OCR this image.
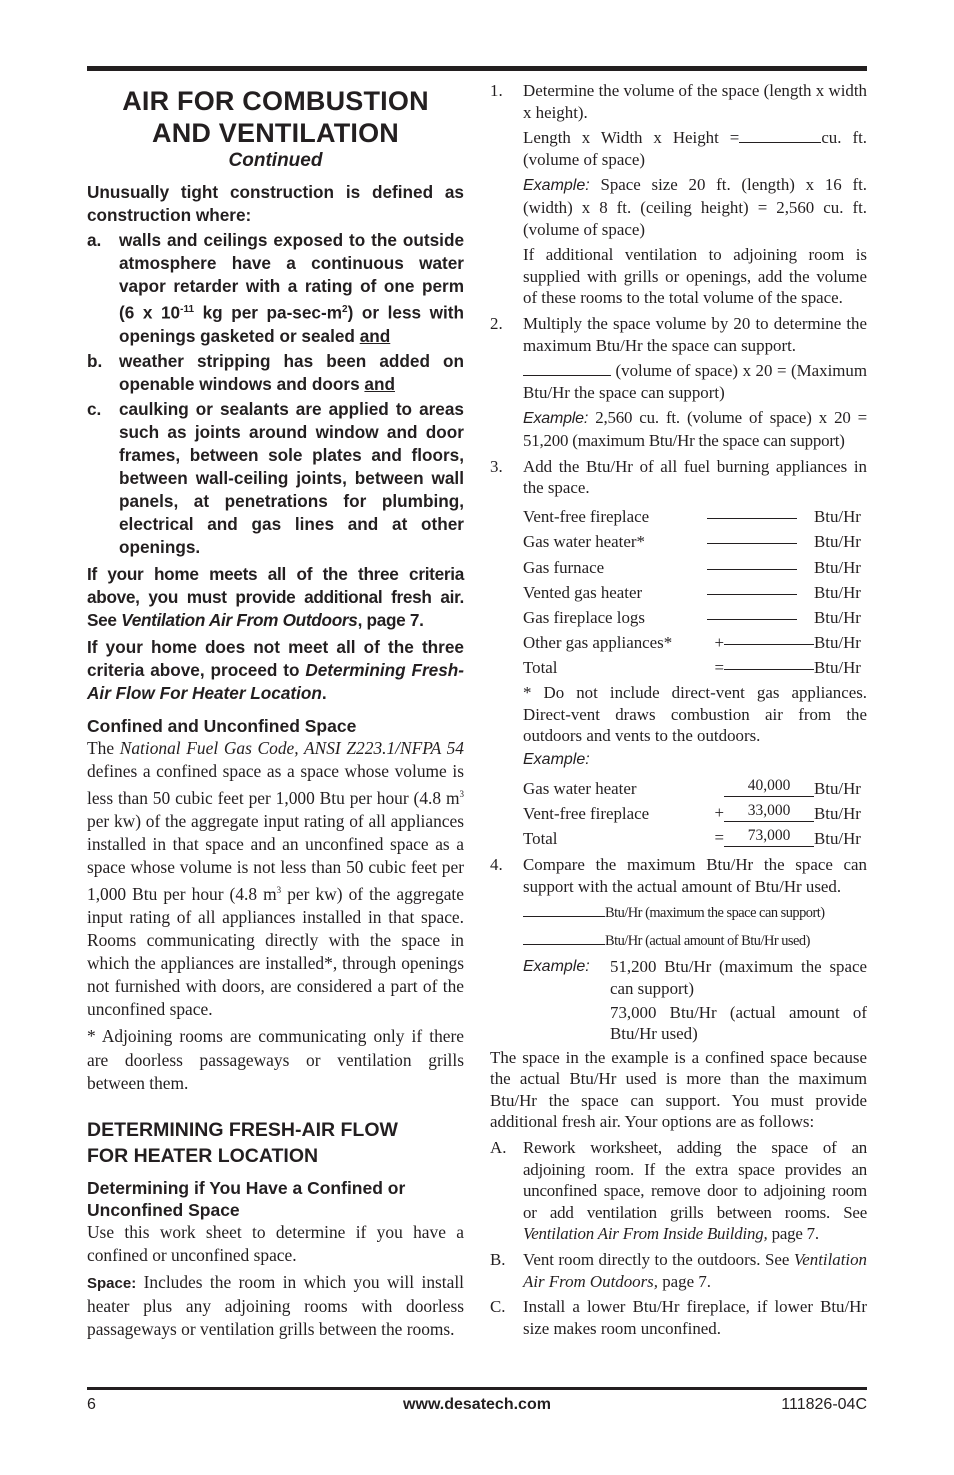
AIR FOR COMBUSTION
AND VENTILATION
Continued
Unusually tight construction is defined as construction where:
a.	walls and ceilings exposed to the outside atmosphere have a continuous water vapor retarder with a rating of one perm (6 x $10^{-11}$ kg per $pa-\sec-m^2$) or less with openings gasketed or sealed and
b. weather stripping has been added on openable windows and doors and
c.	caulking or sealants are applied to areas such as joints around window and door frames, between sole plates and floors, between wall-ceiling joints, between wall panels, at penetrations for plumbing, electrical and gas lines and at other openings.
If your home meets all of the three criteria above, you must provide additional fresh air. See Ventilation Air From Outdoors, page 7.
If your home does not meet all of the three criteria above, proceed to Determining Fresh-Air Flow For Heater Location.
Confined and Unconfined Space
The National Fuel Gas Code, ANSI Z223.1/NFPA 54 defines a confined space as a space whose volume is less than 50 cubic feet per 1,000 Btu per hour (4.8 $m^3$ per kw) of the aggregate input rating of all appliances installed in that space and an unconfined space as a space whose volume is not less than 50 cubic feet per 1,000 Btu per hour (4.8 $m^3$ per kw) of the aggregate input rating of all appliances installed in that space. Rooms communicating directly with the space in which the appliances are installed*, through openings not furnished with doors, are considered a part of the unconfined space.
* Adjoining rooms are communicating only if there are doorless passageways or ventilation grills between them.
DETERMINING FRESH-AIR FLOW
FOR HEATER LOCATION
Determining if You Have a Confined or Unconfined Space
Use this work sheet to determine if you have a confined or unconfined space.
Space: Includes the room in which you will install heater plus any adjoining rooms with doorless passageways or ventilation grills between the rooms.
1.	Determine the volume of the space (length x width x height).

Length x Width x Height =	cu. ft. (volume of space)

Example: Space size 20 ft. (length) x 16 ft. (width) x 8 ft. (ceiling height) = 2,560 cu. ft. (volume of space)

If additional ventilation to adjoining room is supplied with grills or openings, add the volume of these rooms to the total volume of the space.

2.	Multiply the space volume by 20 to determine the maximum Btu/Hr the space can support.

(volume of space) x 20 = (Maximum Btu/Hr the space can support)

Example: 2,560 cu. ft. (volume of space) x 20 = 51,200 (maximum Btu/Hr the space can support)

3.	Add the Btu/Hr of all fuel burning appliances in the space.

Vent-free fireplace		Btu/Hr
Gas water heater*		Btu/Hr
Gas furnace		Btu/Hr
Vented gas heater		Btu/Hr
Gas fireplace logs		Btu/Hr
Other gas appliances*	+	Btu/Hr
Total	=	Btu/Hr

* Do not include direct-vent gas appliances. Direct-vent draws combustion air from the outdoors and vents to the outdoors.

Example:

Gas water heater	40,000	Btu/Hr
Vent-free fireplace	+ 33,000	Btu/Hr
Total	= 73,000	Btu/Hr
4.	Compare the maximum Btu/Hr the space can support with the actual amount of Btu/Hr used.

Btu/Hr (maximum the space can support)

Btu/Hr (actual amount of Btu/Hr used)

Example:	51,200 Btu/Hr (maximum the space can support)
73,000 Btu/Hr (actual amount of Btu/Hr used)

The space in the example is a confined space because the actual Btu/Hr used is more than the maximum Btu/Hr the space can support. You must provide additional fresh air. Your options are as follows:

A. Rework worksheet, adding the space of an adjoining room. If the extra space provides an unconfined space, remove door to adjoining room or add ventilation grills between rooms. See Ventilation Air From Inside Building, page 7.
B.	Vent room directly to the outdoors. See Ventilation Air From Outdoors, page 7.
C.	Install a lower Btu/Hr fireplace, if lower Btu/Hr size makes room unconfined.
6	www.desatech.com	111826-04C
